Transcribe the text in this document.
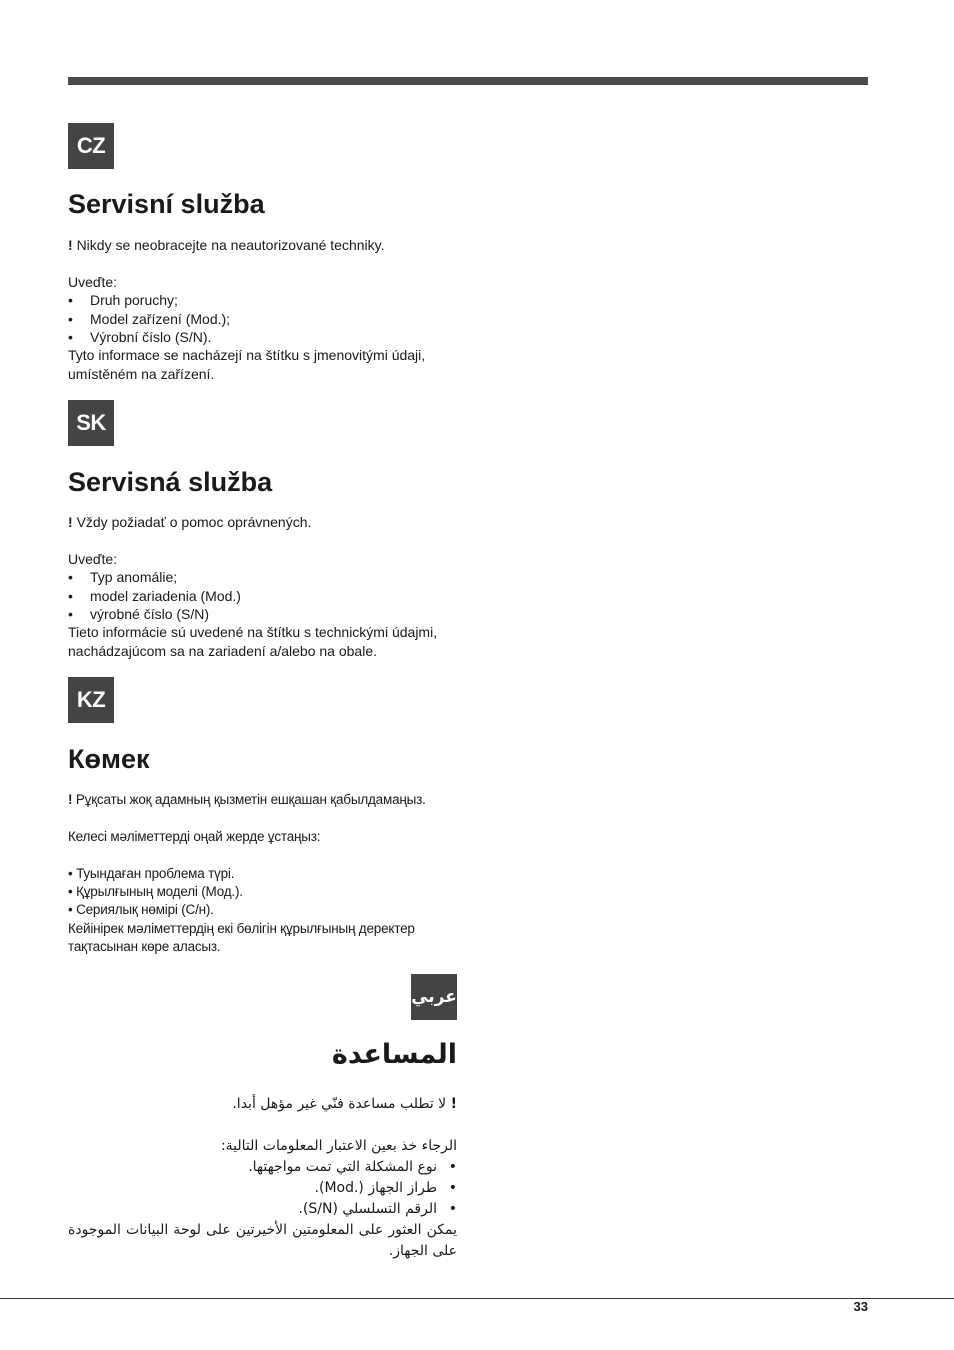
CZ
Servisní služba

! Nikdy se neobracejte na neautorizované techniky.

Uveďte:

•	Druh poruchy;
•	Model zařízení (Mod.);
•	Výrobní číslo (S/N).

Tyto informace se nacházejí na štítku s jmenovitými údaji,

umístěném na zařízení.

SK
Servisná služba

! Vždy požiadať o pomoc oprávnených.

Uveďte:

•	Typ anomálie;
•	model zariadenia (Mod.)
•	výrobné číslo (S/N)

Tieto informácie sú uvedené na štítku s technickými údajmi,

nachádzajúcom sa na zariadení a/alebo na obale.

KZ
Көмек

! Рұқсаты жоқ адамның қызметін ешқашан қабылдамаңыз.

Келесі мәліметтерді оңай жерде ұстаңыз:

• Туындаған проблема түрі.

• Құрылғының моделі (Мод.).

• Сериялық нөмірі (С/н).

Кейінірек мәліметтердің екі бөлігін құрылғының деректер

тақтасынан көре аласыз.

عربي
المساعدة

! لا تطلب مساعدة فنّي غير مؤهل أبدا.

الرجاء خذ بعين الاعتبار المعلومات التالية:

•
نوع المشكلة التي تمت مواجهتها.
•
طراز الجهاز (.Mod).
•
الرقم التسلسلي (S/N).

يمكن العثور على المعلومتين الأخيرتين على لوحة البيانات الموجودة

على الجهاز.

33
